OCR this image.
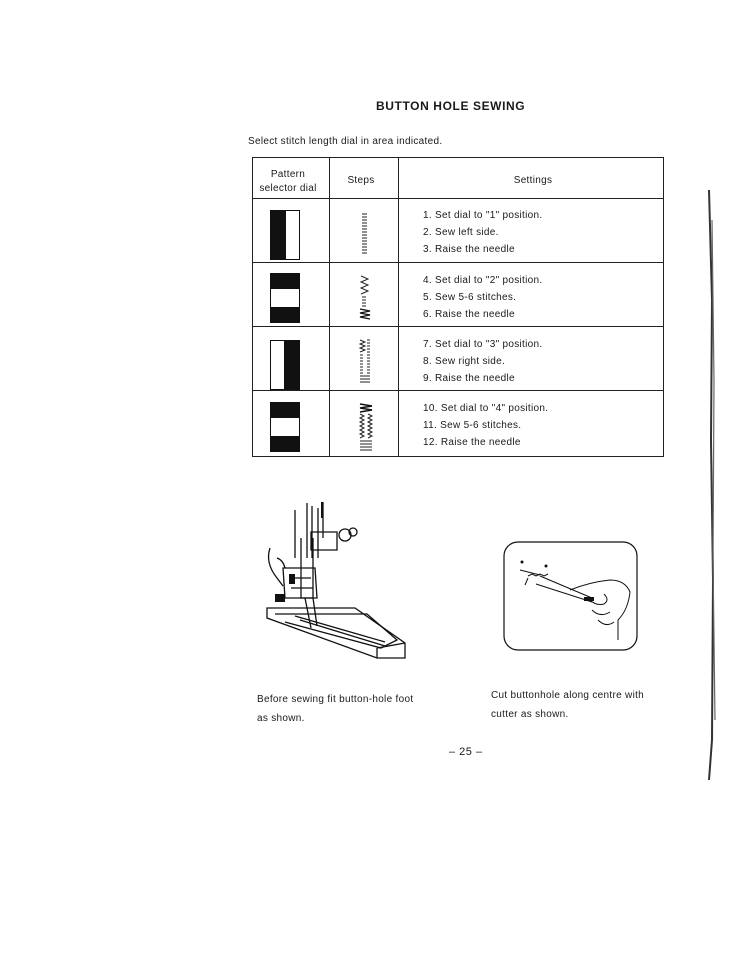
BUTTON HOLE SEWING
Select stitch length dial in area indicated.
Pattern selector dial
Steps	Settings
1. Set dial to "1" position.
2. Sew left side.
3. Raise the needle
4. Set dial to "2" position.
5. Sew 5-6 stitches.
6. Raise the needle
7. Set dial to "3" position.
8. Sew right side.
9. Raise the needle
10. Set dial to "4" position.
11. Sew 5-6 stitches.
12. Raise the needle
Before sewing fit button-hole foot
as shown.
Cut buttonhole along centre with
cutter as shown.
– 25 –
